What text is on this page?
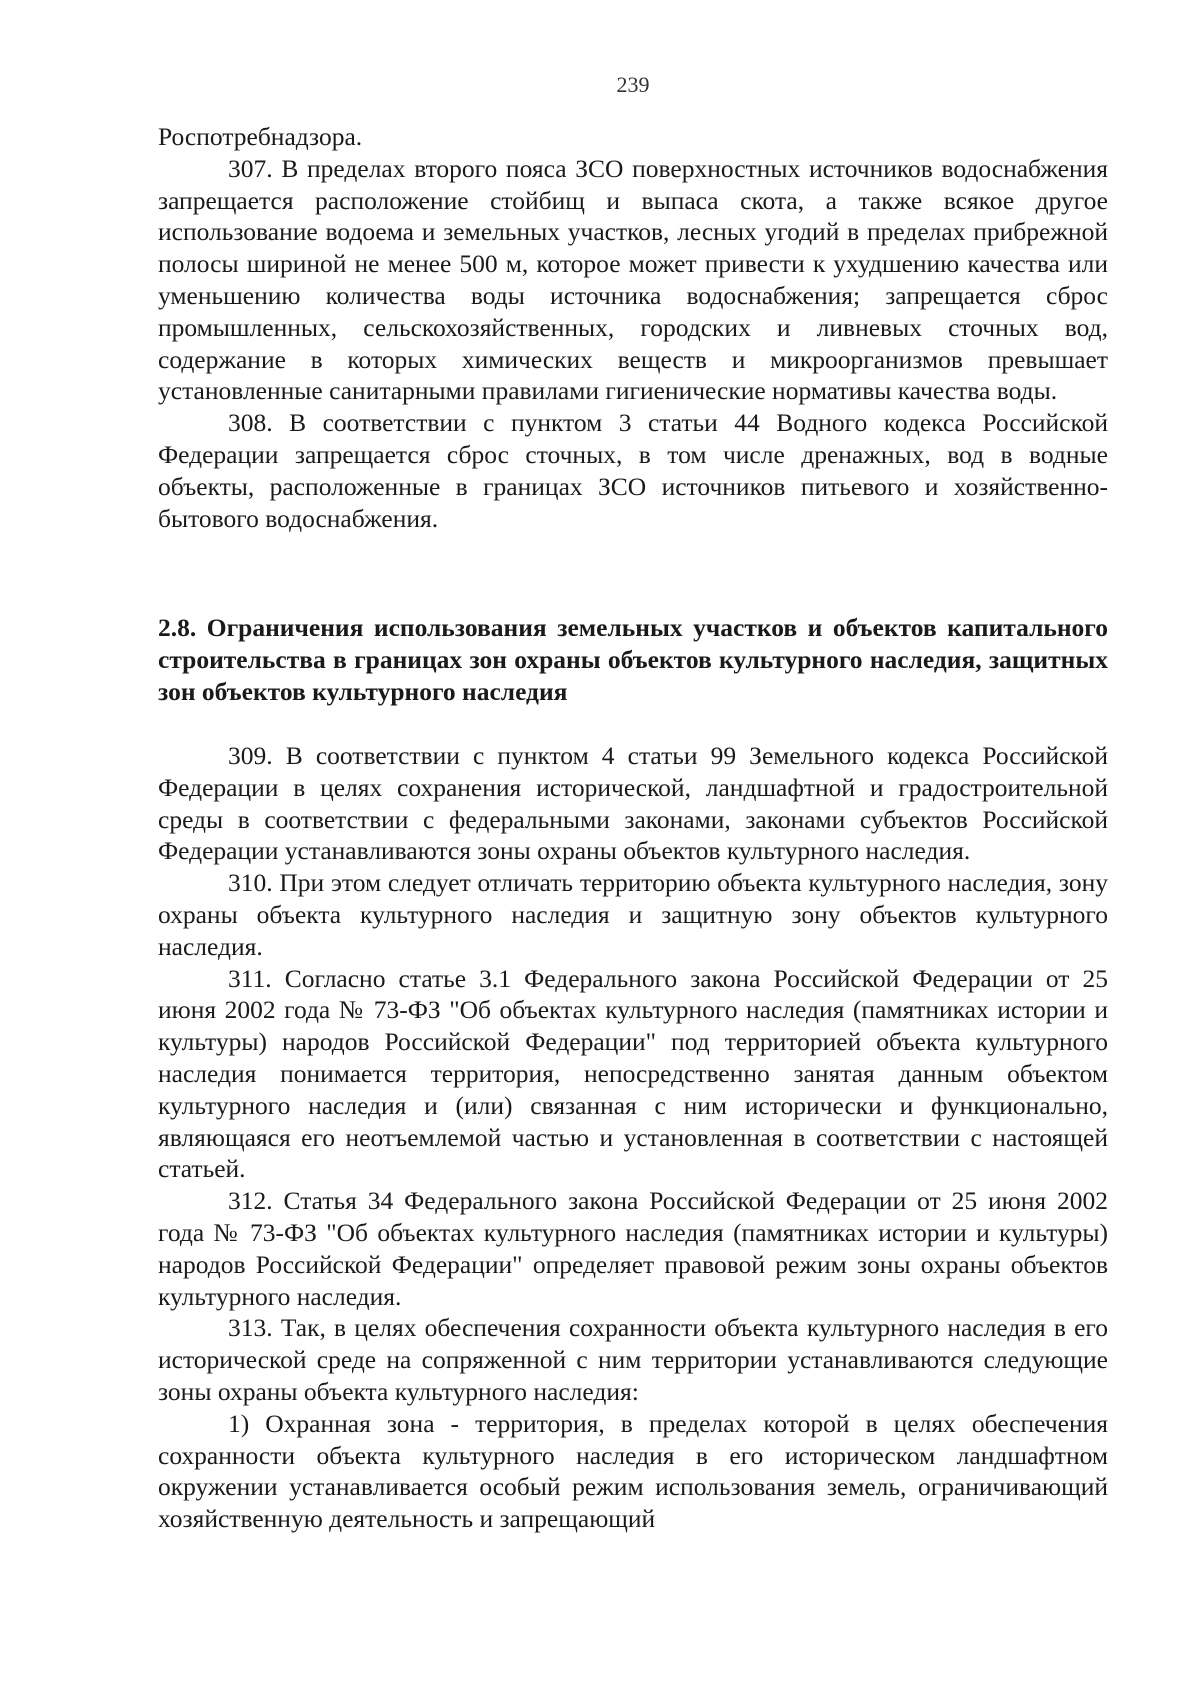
239

Роспотребнадзора.

307. В пределах второго пояса ЗСО поверхностных источников водоснабжения запрещается расположение стойбищ и выпаса скота, а также всякое другое использование водоема и земельных участков, лесных угодий в пределах прибрежной полосы шириной не менее 500 м, которое может привести к ухудшению качества или уменьшению количества воды источника водоснабжения; запрещается сброс промышленных, сельскохозяйственных, городских и ливневых сточных вод, содержание в которых химических веществ и микроорганизмов превышает установленные санитарными правилами гигиенические нормативы качества воды.

308. В соответствии с пунктом 3 статьи 44 Водного кодекса Российской Федерации запрещается сброс сточных, в том числе дренажных, вод в водные объекты, расположенные в границах ЗСО источников питьевого и хозяйственно-бытового водоснабжения.

2.8. Ограничения использования земельных участков и объектов капитального строительства в границах зон охраны объектов культурного наследия, защитных зон объектов культурного наследия

309. В соответствии с пунктом 4 статьи 99 Земельного кодекса Российской Федерации в целях сохранения исторической, ландшафтной и градостроительной среды в соответствии с федеральными законами, законами субъектов Российской Федерации устанавливаются зоны охраны объектов культурного наследия.

310. При этом следует отличать территорию объекта культурного наследия, зону охраны объекта культурного наследия и защитную зону объектов культурного наследия.

311. Согласно статье 3.1 Федерального закона Российской Федерации от 25 июня 2002 года № 73-ФЗ "Об объектах культурного наследия (памятниках истории и культуры) народов Российской Федерации" под территорией объекта культурного наследия понимается территория, непосредственно занятая данным объектом культурного наследия и (или) связанная с ним исторически и функционально, являющаяся его неотъемлемой частью и установленная в соответствии с настоящей статьей.

312. Статья 34 Федерального закона Российской Федерации от 25 июня 2002 года № 73-ФЗ "Об объектах культурного наследия (памятниках истории и культуры) народов Российской Федерации" определяет правовой режим зоны охраны объектов культурного наследия.

313. Так, в целях обеспечения сохранности объекта культурного наследия в его исторической среде на сопряженной с ним территории устанавливаются следующие зоны охраны объекта культурного наследия:

1) Охранная зона - территория, в пределах которой в целях обеспечения сохранности объекта культурного наследия в его историческом ландшафтном окружении устанавливается особый режим использования земель, ограничивающий хозяйственную деятельность и запрещающий
